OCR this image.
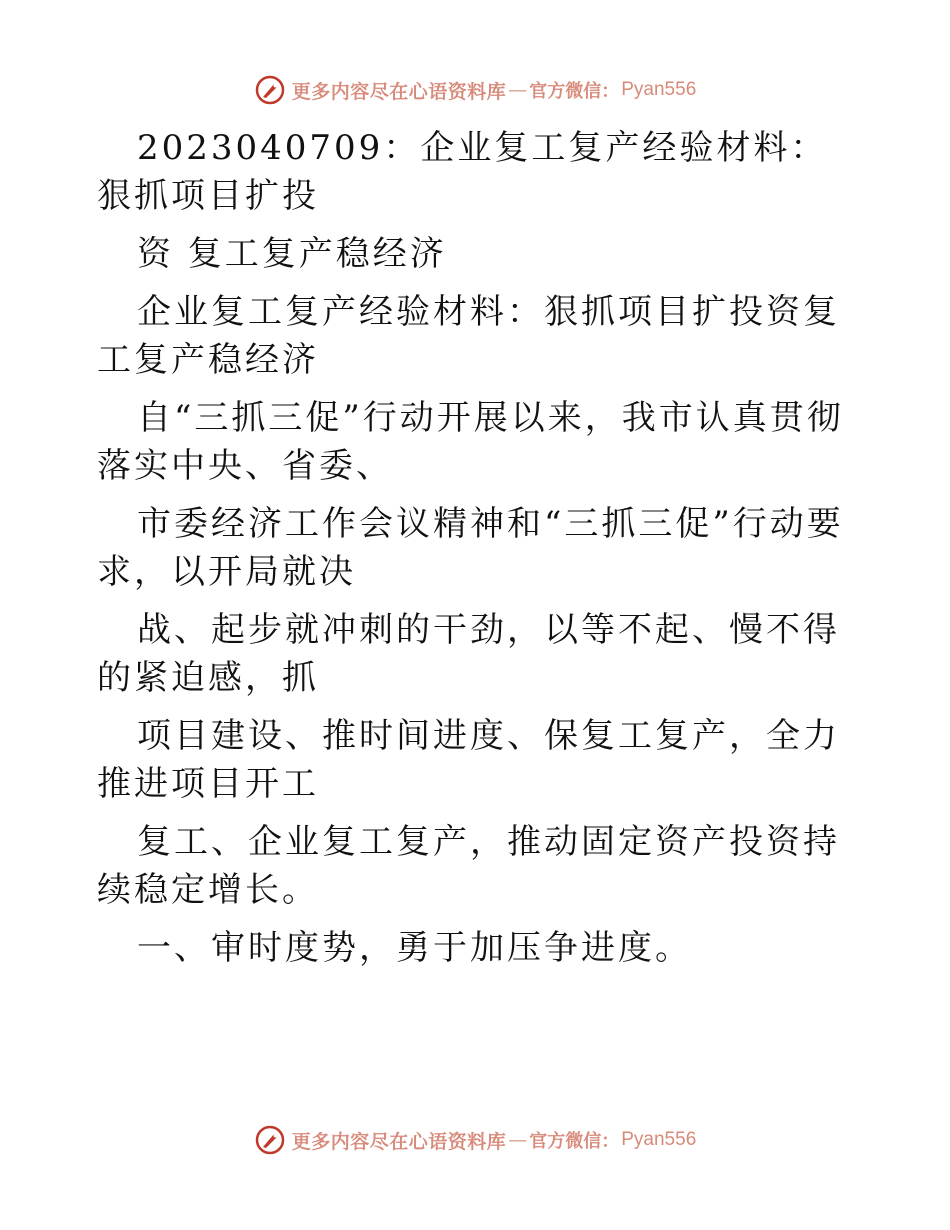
更多内容尽在心语资料库 — 官方微信： Pyan556

2023040709：企业复工复产经验材料：狠抓项目扩投

资 复工复产稳经济

企业复工复产经验材料：狠抓项目扩投资复工复产稳经济

自“三抓三促”行动开展以来，我市认真贯彻落实中央、省委、

市委经济工作会议精神和“三抓三促”行动要求，以开局就决

战、起步就冲刺的干劲，以等不起、慢不得的紧迫感，抓

项目建设、推时间进度、保复工复产，全力推进项目开工

复工、企业复工复产，推动固定资产投资持续稳定增长。

一、审时度势，勇于加压争进度。

更多内容尽在心语资料库 — 官方微信： Pyan556
